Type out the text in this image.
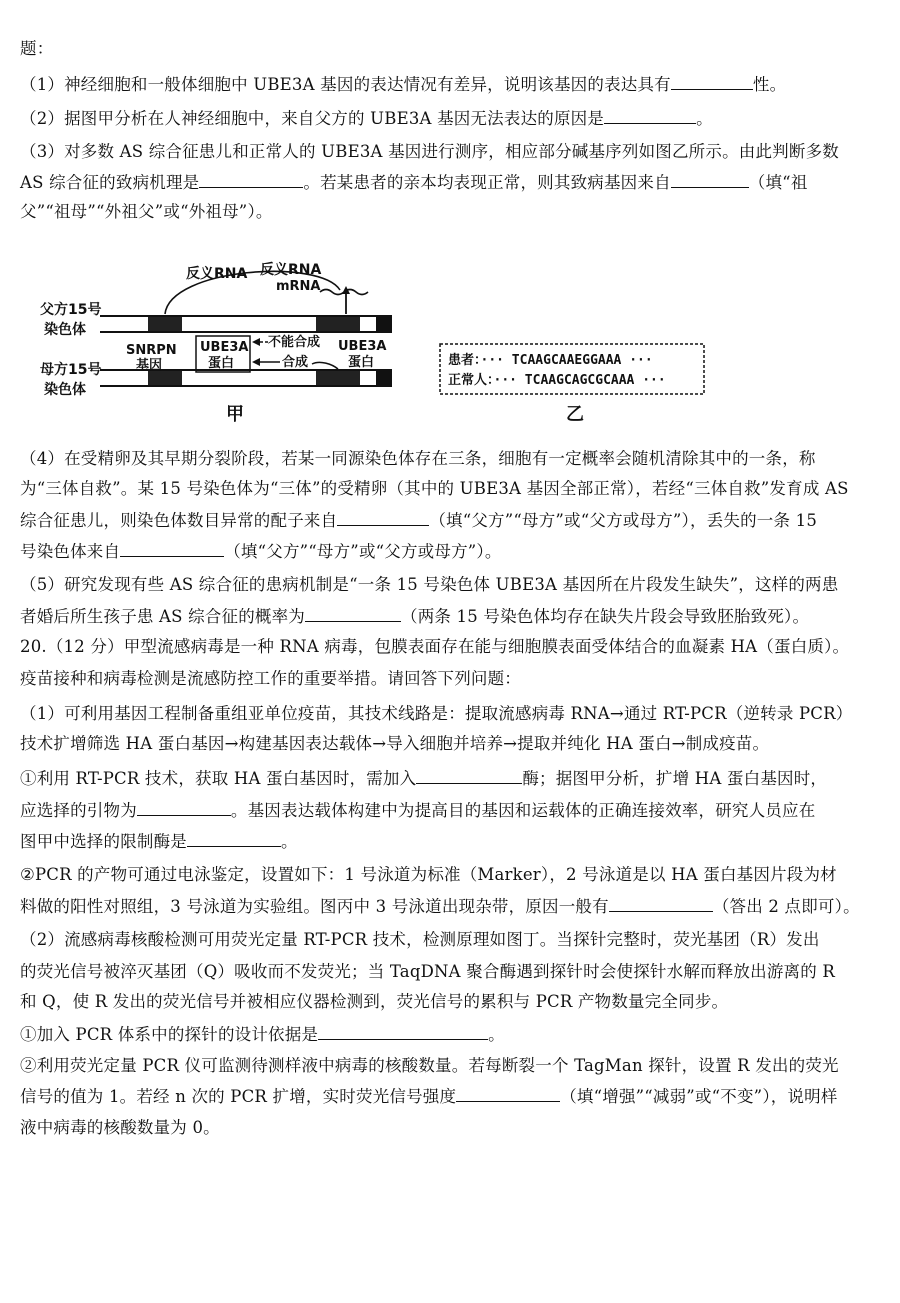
题：
（1）神经细胞和一般体细胞中 UBE3A 基因的表达情况有差异，说明该基因的表达具有	性。
（2）据图甲分析在人神经细胞中，来自父方的 UBE3A 基因无法表达的原因是	。
（3）对多数 AS 综合征患儿和正常人的 UBE3A 基因进行测序，相应部分碱基序列如图乙所示。由此判断多数
AS 综合征的致病机理是	。若某患者的亲本均表现正常，则其致病基因来自	（填“祖
父”“祖母”“外祖父”或“外祖母”）。
父方15号
染色体
母方15号
染色体
SNRPN
基因
UBE3A
蛋白
UBE3A
蛋白
反义RNA 反义RNA
mRNA
不能合成
合成
甲
患者：··· TCAAGCAAEGGAAA ···
正常人：··· TCAAGCAGCGCAAA ···
乙
（4）在受精卵及其早期分裂阶段，若某一同源染色体存在三条，细胞有一定概率会随机清除其中的一条，称
为“三体自救”。某 15 号染色体为“三体”的受精卵（其中的 UBE3A 基因全部正常），若经“三体自救”发育成 AS
综合征患儿，则染色体数目异常的配子来自	（填“父方”“母方”或“父方或母方”），丢失的一条 15
号染色体来自	（填“父方”“母方”或“父方或母方”）。
（5）研究发现有些 AS 综合征的患病机制是“一条 15 号染色体 UBE3A 基因所在片段发生缺失”，这样的两患
者婚后所生孩子患 AS 综合征的概率为	（两条 15 号染色体均存在缺失片段会导致胚胎致死）。
20.（12 分）甲型流感病毒是一种 RNA 病毒，包膜表面存在能与细胞膜表面受体结合的血凝素 HA（蛋白质）。
疫苗接种和病毒检测是流感防控工作的重要举措。请回答下列问题：
（1）可利用基因工程制备重组亚单位疫苗，其技术线路是：提取流感病毒 RNA→通过 RT-PCR（逆转录 PCR）
技术扩增筛选 HA 蛋白基因→构建基因表达载体→导入细胞并培养→提取并纯化 HA 蛋白→制成疫苗。
①利用 RT-PCR 技术，获取 HA 蛋白基因时，需加入	酶；据图甲分析，扩增 HA 蛋白基因时，
应选择的引物为	。基因表达载体构建中为提高目的基因和运载体的正确连接效率，研究人员应在
图甲中选择的限制酶是	。
②PCR 的产物可通过电泳鉴定，设置如下：1 号泳道为标准（Marker），2 号泳道是以 HA 蛋白基因片段为材
料做的阳性对照组，3 号泳道为实验组。图丙中 3 号泳道出现杂带，原因一般有	（答出 2 点即可）。
（2）流感病毒核酸检测可用荧光定量 RT-PCR 技术，检测原理如图丁。当探针完整时，荧光基团（R）发出
的荧光信号被淬灭基团（Q）吸收而不发荧光；当 TaqDNA 聚合酶遇到探针时会使探针水解而释放出游离的 R
和 Q，使 R 发出的荧光信号并被相应仪器检测到，荧光信号的累积与 PCR 产物数量完全同步。
①加入 PCR 体系中的探针的设计依据是	。
②利用荧光定量 PCR 仪可监测待测样液中病毒的核酸数量。若每断裂一个 TagMan 探针，设置 R 发出的荧光
信号的值为 1。若经 n 次的 PCR 扩增，实时荧光信号强度	（填“增强”“减弱”或“不变”），说明样
液中病毒的核酸数量为 0。
